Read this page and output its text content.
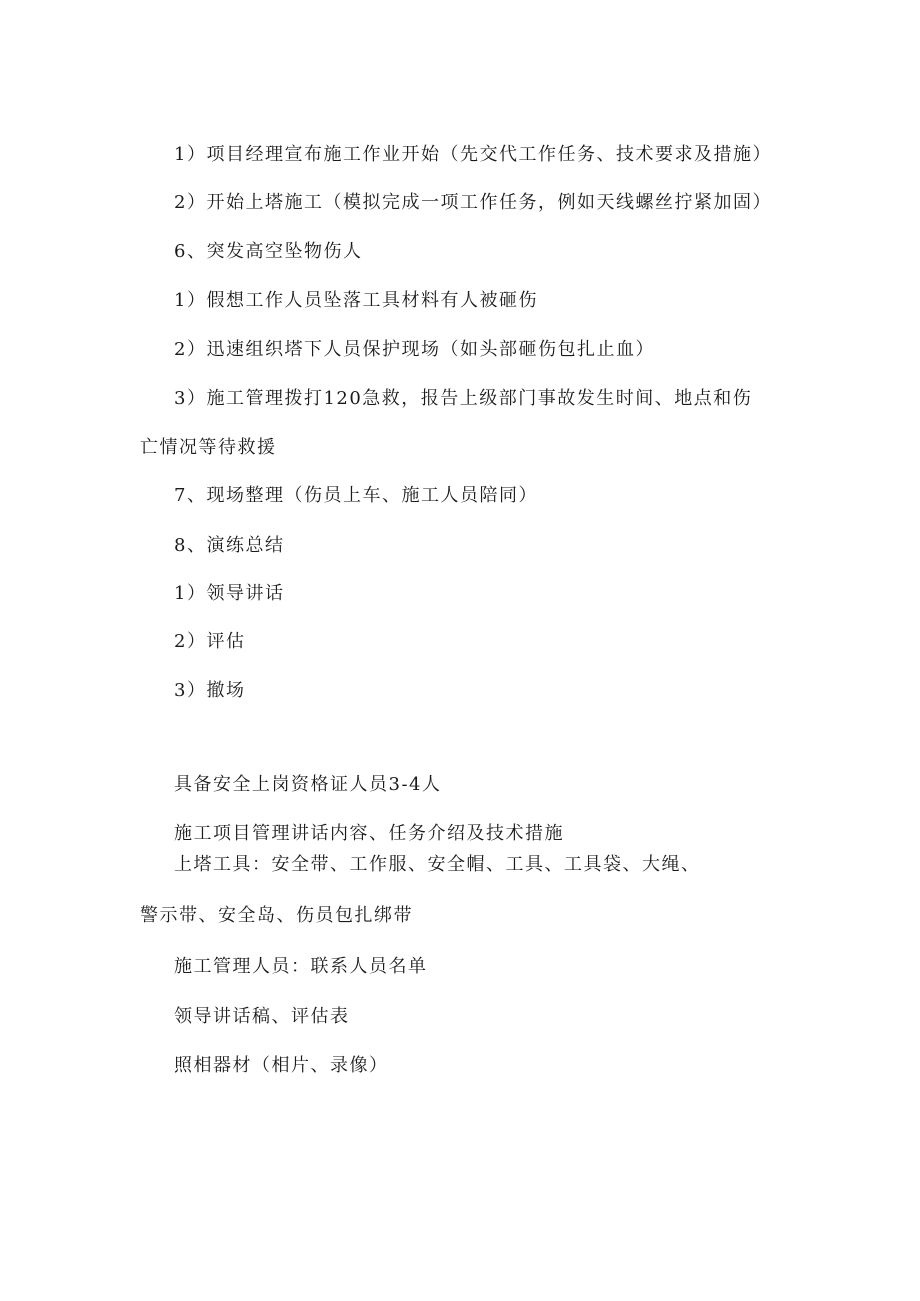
1）项目经理宣布施工作业开始（先交代工作任务、技术要求及措施）
2）开始上塔施工（模拟完成一项工作任务，例如天线螺丝拧紧加固）
6、突发高空坠物伤人
1）假想工作人员坠落工具材料有人被砸伤
2）迅速组织塔下人员保护现场（如头部砸伤包扎止血）
3）施工管理拨打120急救，报告上级部门事故发生时间、地点和伤
亡情况等待救援
7、现场整理（伤员上车、施工人员陪同）
8、演练总结
1）领导讲话
2）评估
3）撤场
具备安全上岗资格证人员3-4人
施工项目管理讲话内容、任务介绍及技术措施
上塔工具：安全带、工作服、安全帽、工具、工具袋、大绳、
警示带、安全岛、伤员包扎绑带
施工管理人员：联系人员名单
领导讲话稿、评估表
照相器材（相片、录像）
